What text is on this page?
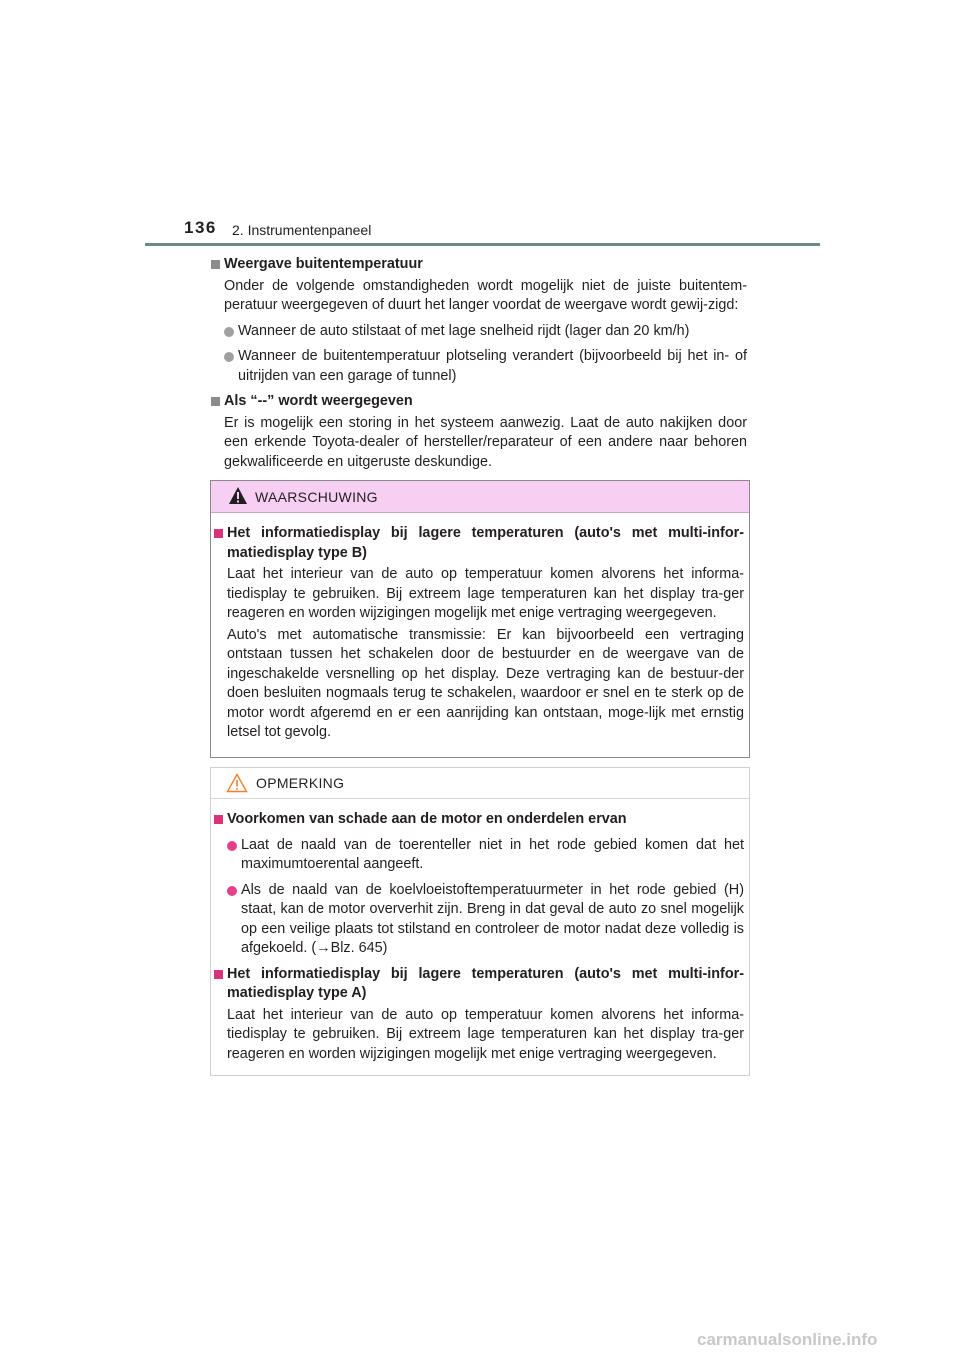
136 2. Instrumentenpaneel

Weergave buitentemperatuur

Onder de volgende omstandigheden wordt mogelijk niet de juiste buitentem-peratuur weergegeven of duurt het langer voordat de weergave wordt gewij-zigd:

Wanneer de auto stilstaat of met lage snelheid rijdt (lager dan 20 km/h)

Wanneer de buitentemperatuur plotseling verandert (bijvoorbeeld bij het in- of uitrijden van een garage of tunnel)

Als “--” wordt weergegeven

Er is mogelijk een storing in het systeem aanwezig. Laat de auto nakijken door een erkende Toyota-dealer of hersteller/reparateur of een andere naar behoren gekwalificeerde en uitgeruste deskundige.

WAARSCHUWING

Het informatiedisplay bij lagere temperaturen (auto's met multi-infor-matiedisplay type B)

Laat het interieur van de auto op temperatuur komen alvorens het informa-tiedisplay te gebruiken. Bij extreem lage temperaturen kan het display tra-ger reageren en worden wijzigingen mogelijk met enige vertraging weergegeven.

Auto's met automatische transmissie: Er kan bijvoorbeeld een vertraging ontstaan tussen het schakelen door de bestuurder en de weergave van de ingeschakelde versnelling op het display. Deze vertraging kan de bestuur-der doen besluiten nogmaals terug te schakelen, waardoor er snel en te sterk op de motor wordt afgeremd en er een aanrijding kan ontstaan, moge-lijk met ernstig letsel tot gevolg.

OPMERKING

Voorkomen van schade aan de motor en onderdelen ervan

Laat de naald van de toerenteller niet in het rode gebied komen dat het maximumtoerental aangeeft.

Als de naald van de koelvloeistoftemperatuurmeter in het rode gebied (H) staat, kan de motor oververhit zijn. Breng in dat geval de auto zo snel mogelijk op een veilige plaats tot stilstand en controleer de motor nadat deze volledig is afgekoeld. (→Blz. 645)

Het informatiedisplay bij lagere temperaturen (auto's met multi-infor-matiedisplay type A)

Laat het interieur van de auto op temperatuur komen alvorens het informa-tiedisplay te gebruiken. Bij extreem lage temperaturen kan het display tra-ger reageren en worden wijzigingen mogelijk met enige vertraging weergegeven.

carmanualsonline.info
